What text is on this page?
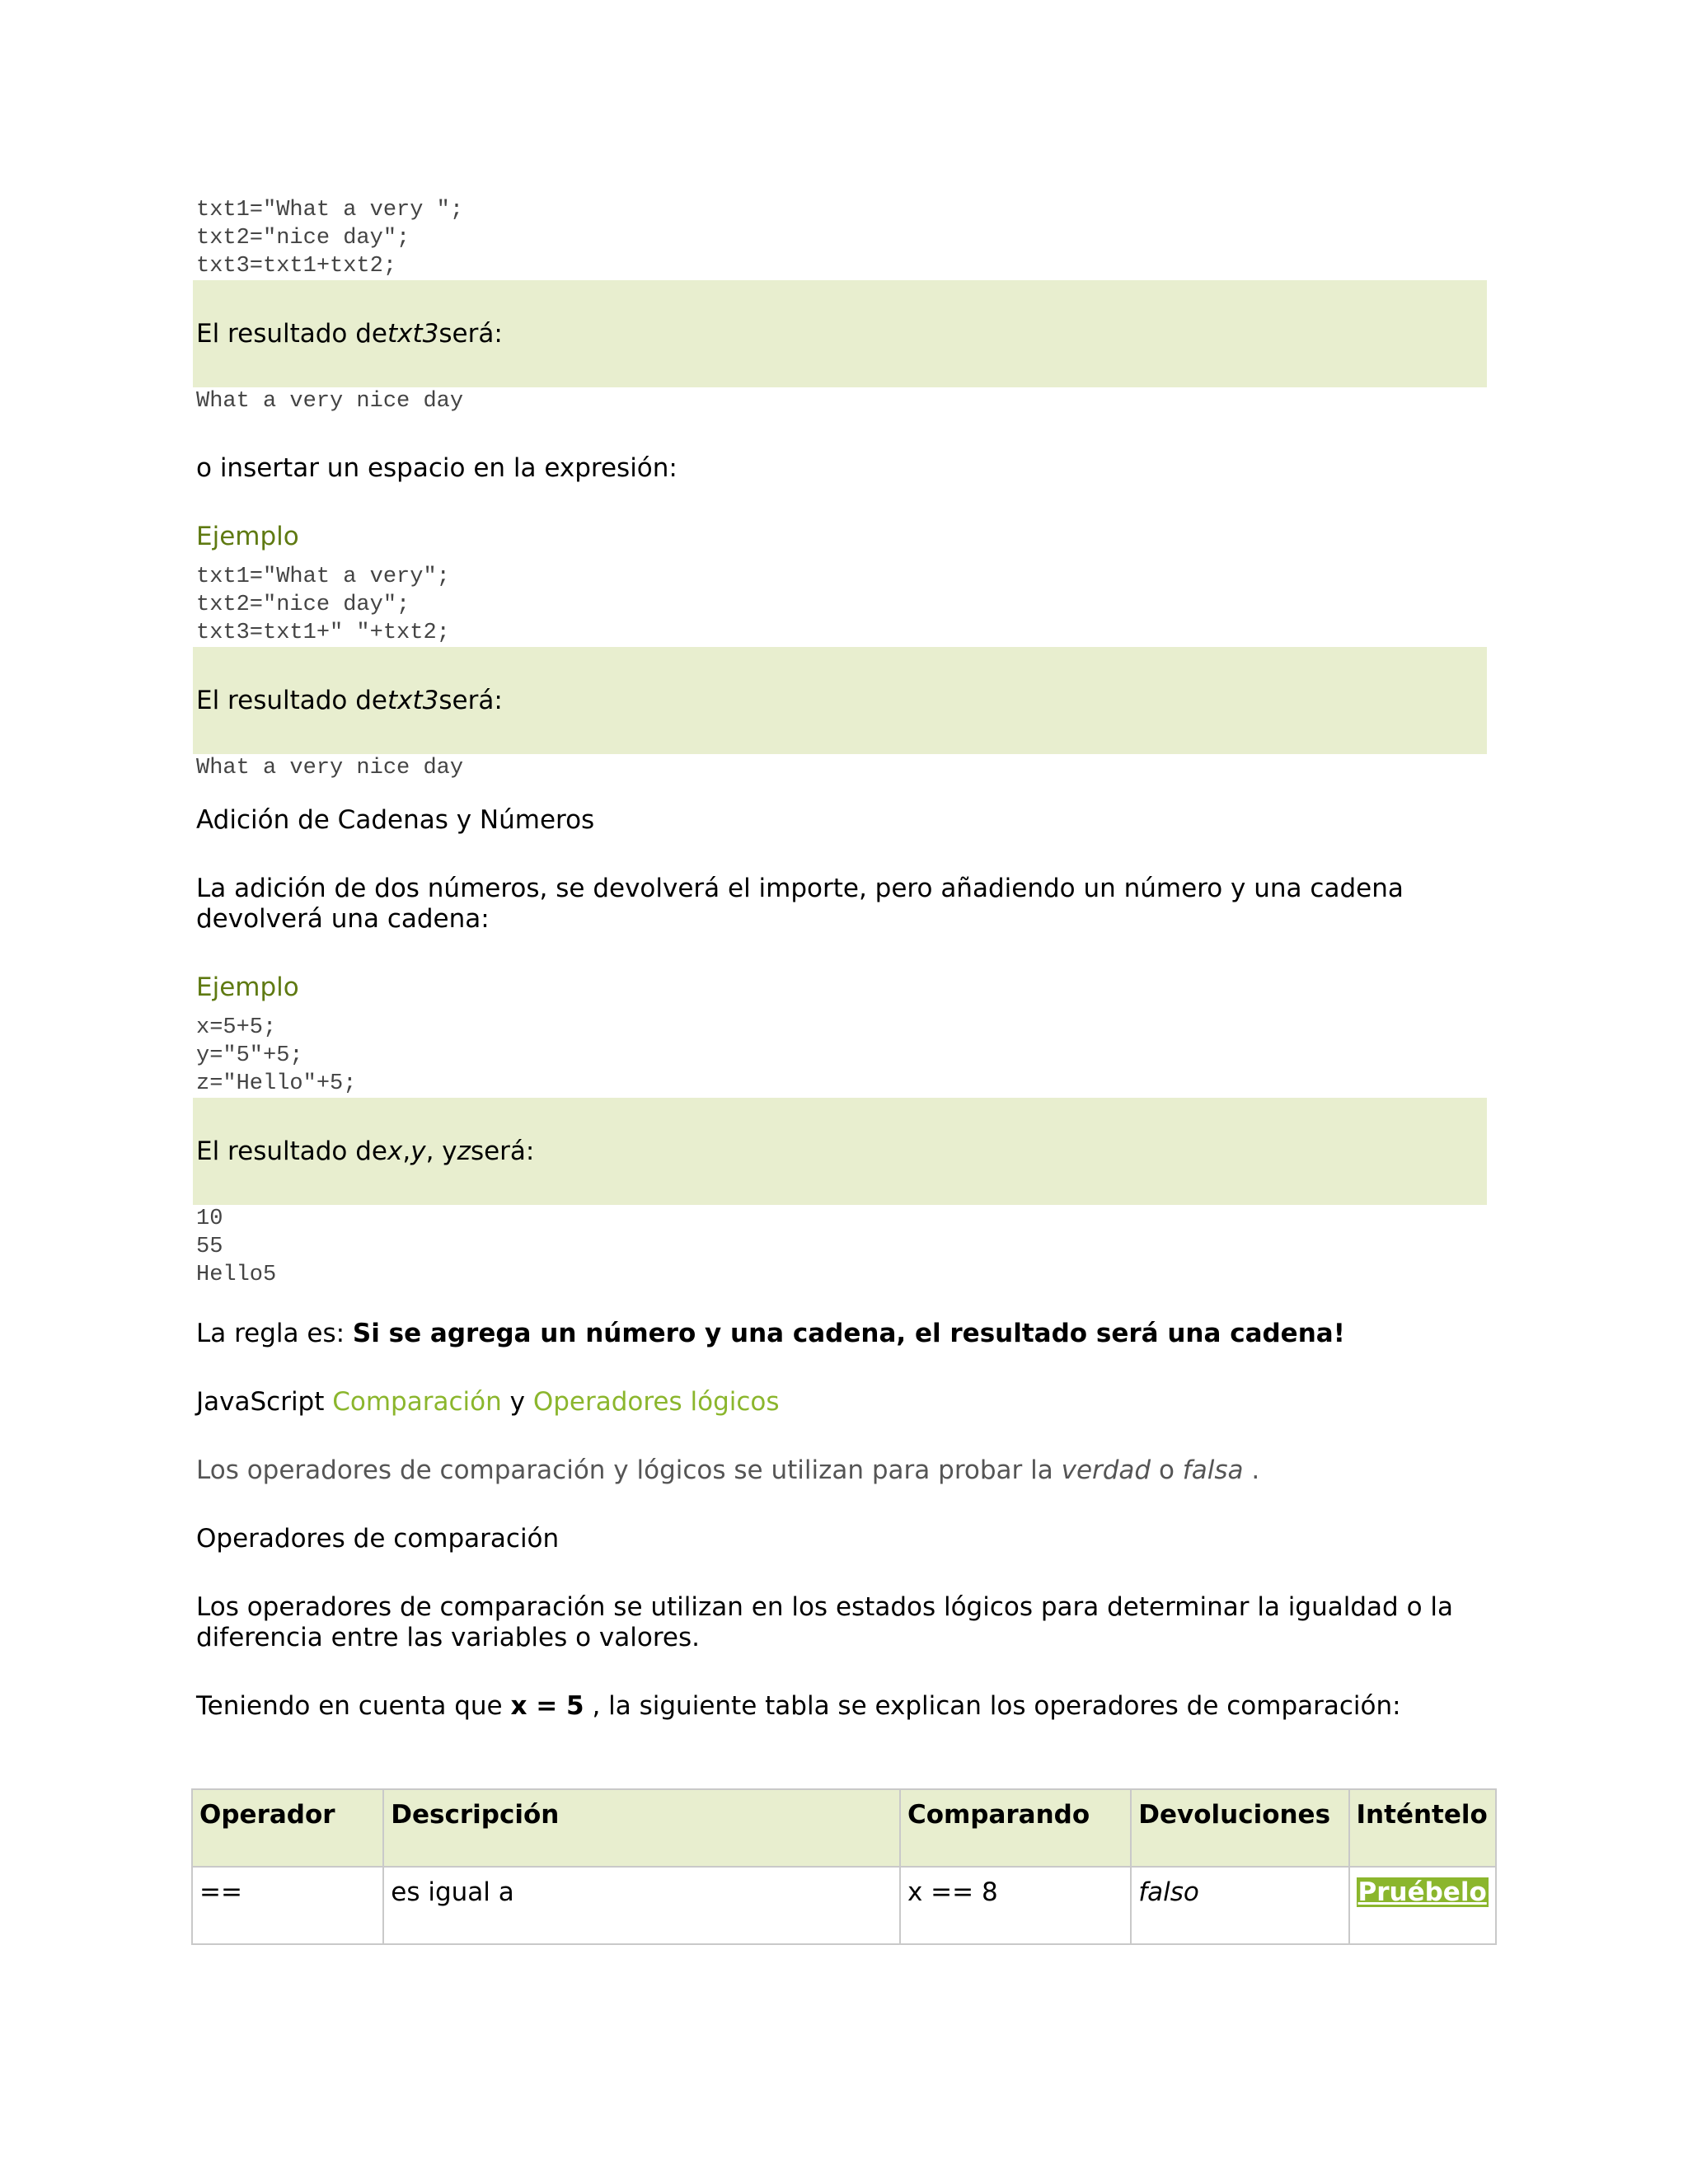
txt1="What a very ";
txt2="nice day";
txt3=txt1+txt2;
El resultado de txt3 será:
What a very nice day

o insertar un espacio en la expresión:

Ejemplo

txt1="What a very";
txt2="nice day";
txt3=txt1+" "+txt2;
El resultado de txt3 será:
What a very nice day

Adición de Cadenas y Números

La adición de dos números, se devolverá el importe, pero añadiendo un número y una cadena
devolverá una cadena:

Ejemplo

x=5+5;
y="5"+5;
z="Hello"+5;
El resultado de x , y , y z será:
10
55
Hello5

La regla es: Si se agrega un número y una cadena, el resultado será una cadena!

JavaScript Comparación y Operadores lógicos

Los operadores de comparación y lógicos se utilizan para probar la verdad o falsa .

Operadores de comparación

Los operadores de comparación se utilizan en los estados lógicos para determinar la igualdad o la
diferencia entre las variables o valores.

Teniendo en cuenta que x = 5 , la siguiente tabla se explican los operadores de comparación:

Operador	Descripción	Comparando	Devoluciones	Inténtelo
==	es igual a	x == 8	falso	Pruébelo
